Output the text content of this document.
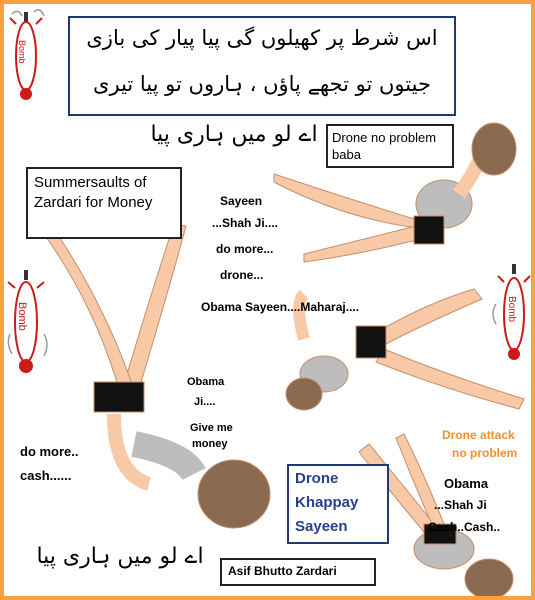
اس شرط پر کھیلوں گی پیا پیار کی بازی
جیتوں تو تجھے پاؤں ، ہاروں تو پیا تیری
Bomb
Bomb	Bomb
اے لو میں ہاری پیا	Drone no problem baba
Summersaults of Zardari for Money	Sayeen
...Shah Ji....
do more...
drone...
Obama Sayeen....Maharaj....
Obama
Ji....
Give me
money
do more..
cash......
Drone attack
no problem
Obama
...Shah Ji
Cash..Cash..
Drone
Khappay
Sayeen
اے لو میں ہاری پیا
Asif Bhutto Zardari
